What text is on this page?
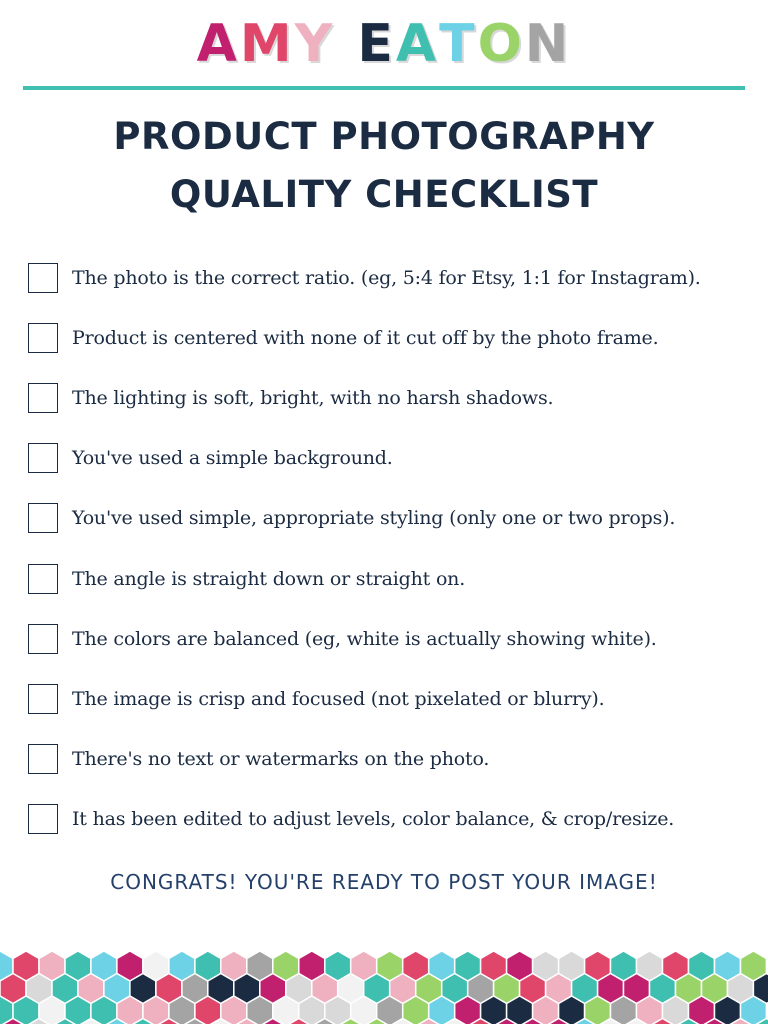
AMY EATON
PRODUCT PHOTOGRAPHY
QUALITY CHECKLIST
The photo is the correct ratio. (eg, 5:4 for Etsy, 1:1 for Instagram).
Product is centered with none of it cut off by the photo frame.
The lighting is soft, bright, with no harsh shadows.
You've used a simple background.
You've used simple, appropriate styling (only one or two props).
The angle is straight down or straight on.
The colors are balanced (eg, white is actually showing white).
The image is crisp and focused (not pixelated or blurry).
There's no text or watermarks on the photo.
It has been edited to adjust levels, color balance, & crop/resize.

CONGRATS! YOU'RE READY TO POST YOUR IMAGE!
